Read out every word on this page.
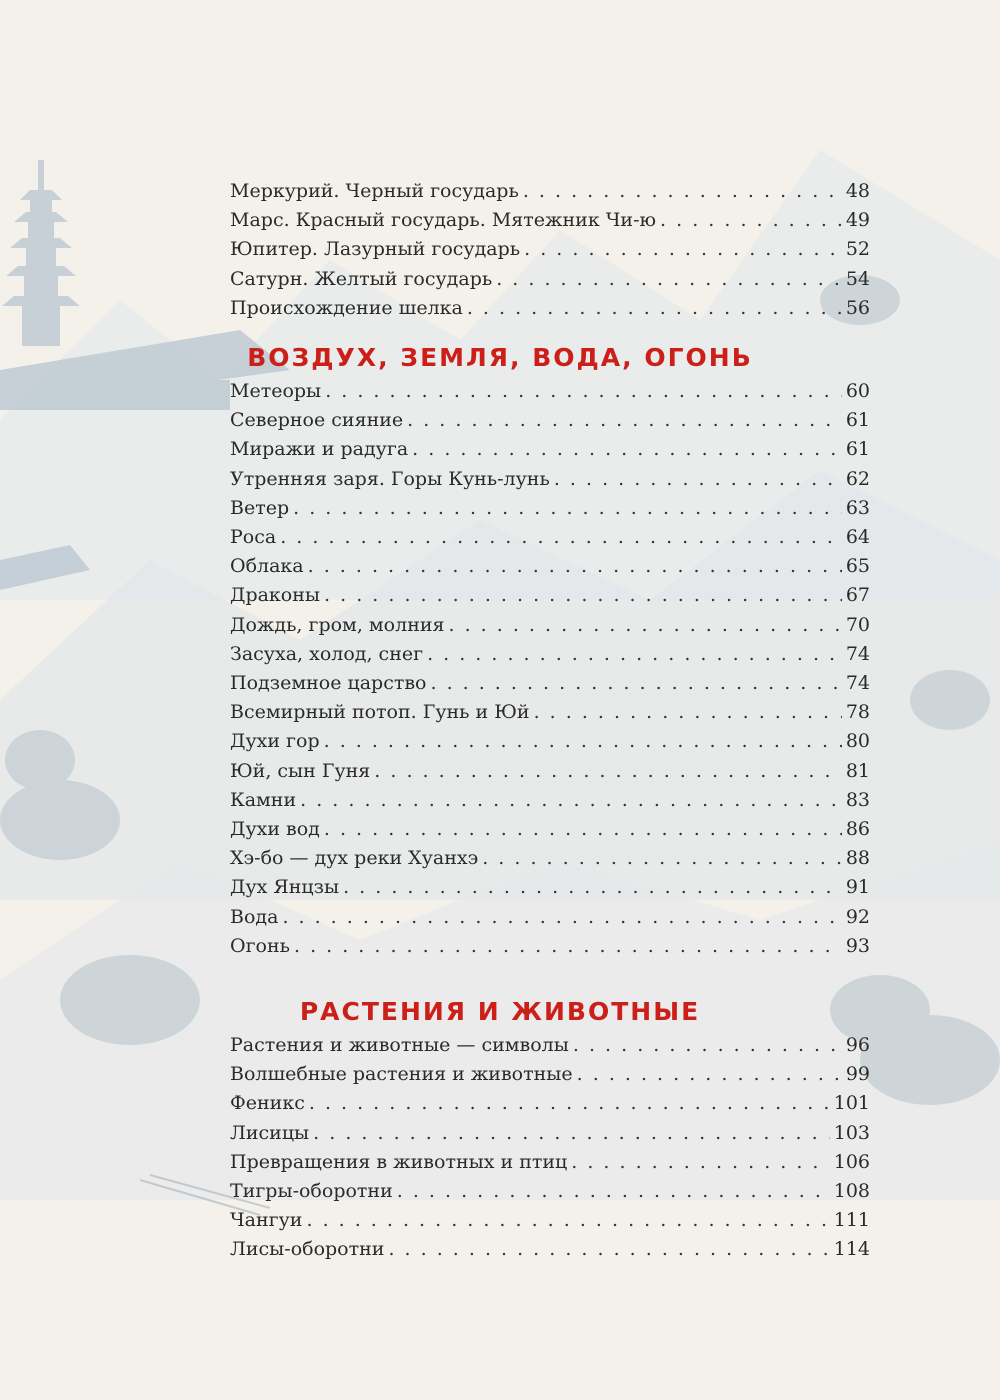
Меркурий. Черный государь . . .	48
Марс. Красный государь. Мятежник Чи-ю . . .	49
Юпитер. Лазурный государь . . .	52
Сатурн. Желтый государь . . .	54
Происхождение шелка . . .	56
ВОЗДУХ, ЗЕМЛЯ, ВОДА, ОГОНЬ
Метеоры . . .	60
Северное сияние . . .	61
Миражи и радуга . . .	61
Утренняя заря. Горы Кунь-лунь . . .	62
Ветер . . .	63
Роса . . .	64
Облака . . .	65
Драконы . . .	67
Дождь, гром, молния . . .	70
Засуха, холод, снег . . .	74
Подземное царство . . .	74
Всемирный потоп. Гунь и Юй . . .	78
Духи гор . . .	80
Юй, сын Гуня . . .	81
Камни . . .	83
Духи вод . . .	86
Хэ-бо — дух реки Хуанхэ . . .	88
Дух Янцзы . . .	91
Вода . . .	92
Огонь . . .	93
РАСТЕНИЯ И ЖИВОТНЫЕ
Растения и животные — символы . . .	96
Волшебные растения и животные . . .	99
Феникс . . .	101
Лисицы . . .	103
Превращения в животных и птиц . . .	106
Тигры-оборотни . . .	108
Чангуи . . .	111
Лисы-оборотни . . .	114
